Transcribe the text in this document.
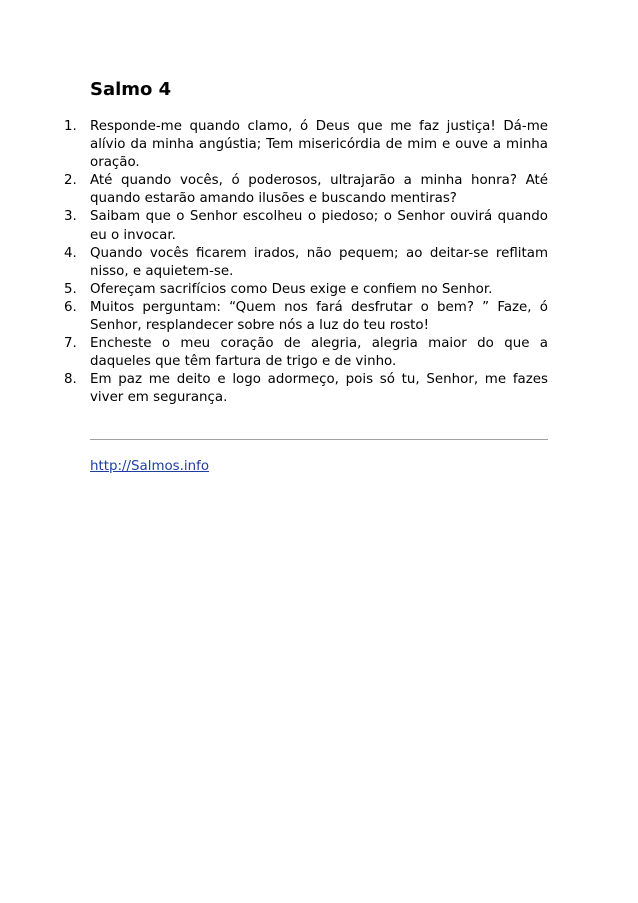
Salmo 4
1. Responde-me quando clamo, ó Deus que me faz justiça! Dá-me alívio da minha angústia; Tem misericórdia de mim e ouve a minha oração.
2. Até quando vocês, ó poderosos, ultrajarão a minha honra? Até quando estarão amando ilusões e buscando mentiras?
3. Saibam que o Senhor escolheu o piedoso; o Senhor ouvirá quando eu o invocar.
4. Quando vocês ficarem irados, não pequem; ao deitar-se reflitam nisso, e aquietem-se.
5. Ofereçam sacrifícios como Deus exige e confiem no Senhor.
6. Muitos perguntam: “Quem nos fará desfrutar o bem? ” Faze, ó Senhor, resplandecer sobre nós a luz do teu rosto!
7. Encheste o meu coração de alegria, alegria maior do que a daqueles que têm fartura de trigo e de vinho.
8. Em paz me deito e logo adormeço, pois só tu, Senhor, me fazes viver em segurança.
http://Salmos.info
